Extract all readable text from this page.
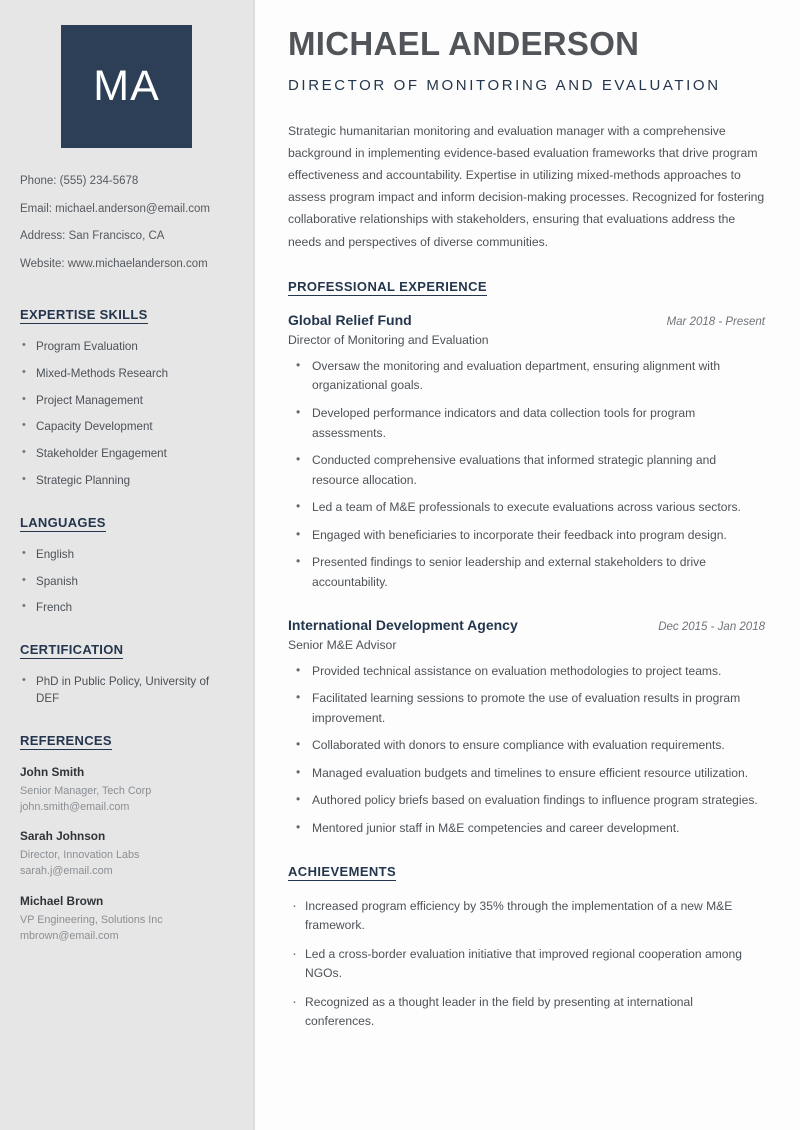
MA
Phone: (555) 234-5678
Email: michael.anderson@email.com
Address: San Francisco, CA
Website: www.michaelanderson.com
EXPERTISE SKILLS
• Program Evaluation
• Mixed-Methods Research
• Project Management
• Capacity Development
• Stakeholder Engagement
• Strategic Planning
LANGUAGES
• English
• Spanish
• French
CERTIFICATION
• PhD in Public Policy, University of DEF
REFERENCES
John Smith
Senior Manager, Tech Corp
john.smith@email.com
Sarah Johnson
Director, Innovation Labs
sarah.j@email.com
Michael Brown
VP Engineering, Solutions Inc
mbrown@email.com
MICHAEL ANDERSON
DIRECTOR OF MONITORING AND EVALUATION

Strategic humanitarian monitoring and evaluation manager with a comprehensive background in implementing evidence-based evaluation frameworks that drive program effectiveness and accountability. Expertise in utilizing mixed-methods approaches to assess program impact and inform decision-making processes. Recognized for fostering collaborative relationships with stakeholders, ensuring that evaluations address the needs and perspectives of diverse communities.

PROFESSIONAL EXPERIENCE
Global Relief Fund	Mar 2018 - Present
Director of Monitoring and Evaluation
• Oversaw the monitoring and evaluation department, ensuring alignment with organizational goals.
• Developed performance indicators and data collection tools for program assessments.
• Conducted comprehensive evaluations that informed strategic planning and resource allocation.
• Led a team of M&E professionals to execute evaluations across various sectors.
• Engaged with beneficiaries to incorporate their feedback into program design.
• Presented findings to senior leadership and external stakeholders to drive accountability.
International Development Agency	Dec 2015 - Jan 2018
Senior M&E Advisor
• Provided technical assistance on evaluation methodologies to project teams.
• Facilitated learning sessions to promote the use of evaluation results in program improvement.
• Collaborated with donors to ensure compliance with evaluation requirements.
• Managed evaluation budgets and timelines to ensure efficient resource utilization.
• Authored policy briefs based on evaluation findings to influence program strategies.
• Mentored junior staff in M&E competencies and career development.
ACHIEVEMENTS
· Increased program efficiency by 35% through the implementation of a new M&E framework.
· Led a cross-border evaluation initiative that improved regional cooperation among NGOs.
· Recognized as a thought leader in the field by presenting at international conferences.
